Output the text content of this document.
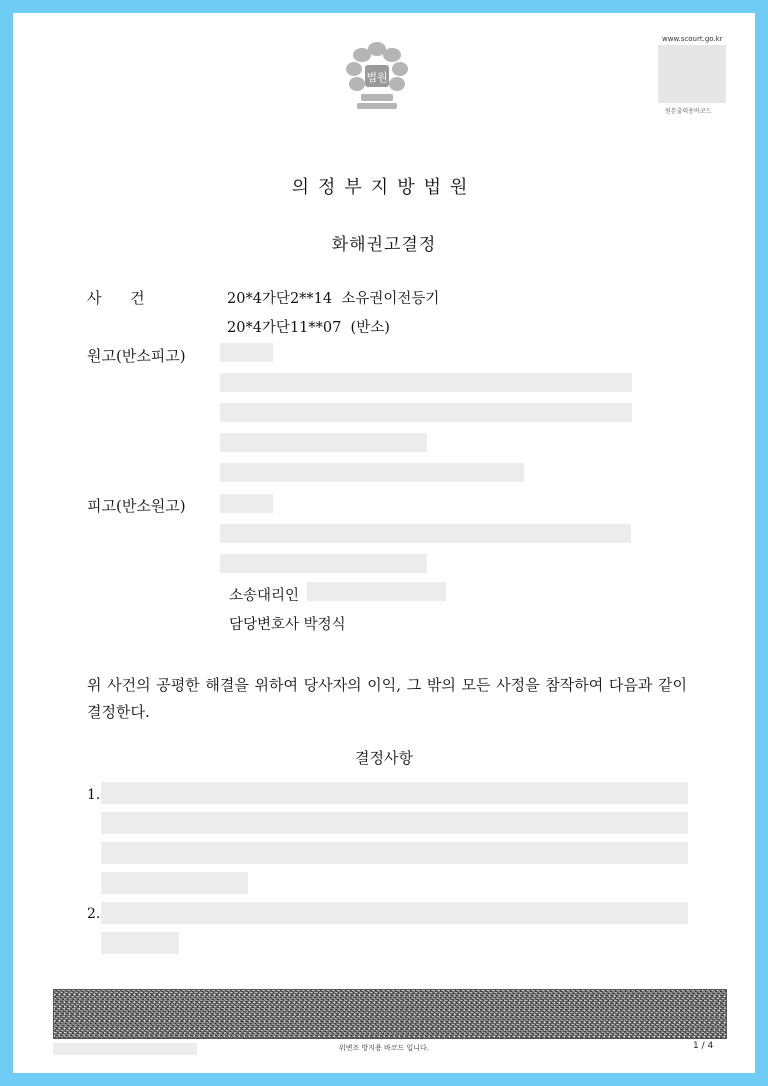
법원
www.scourt.go.kr
원본출력용바코드
의정부지방법원
화해권고결정
사      건	20*4가단2**14  소유권이전등기
20*4가단11**07  (반소)
원고(반소피고)
피고(반소원고)
소송대리인
담당변호사 박정식
위 사건의 공평한 해결을 위하여 당사자의 이익, 그 밖의 모든 사정을 참작하여 다음과 같이 결정한다.
결정사항
1.
2.
위변조 방지용 바코드 입니다.	1 / 4
